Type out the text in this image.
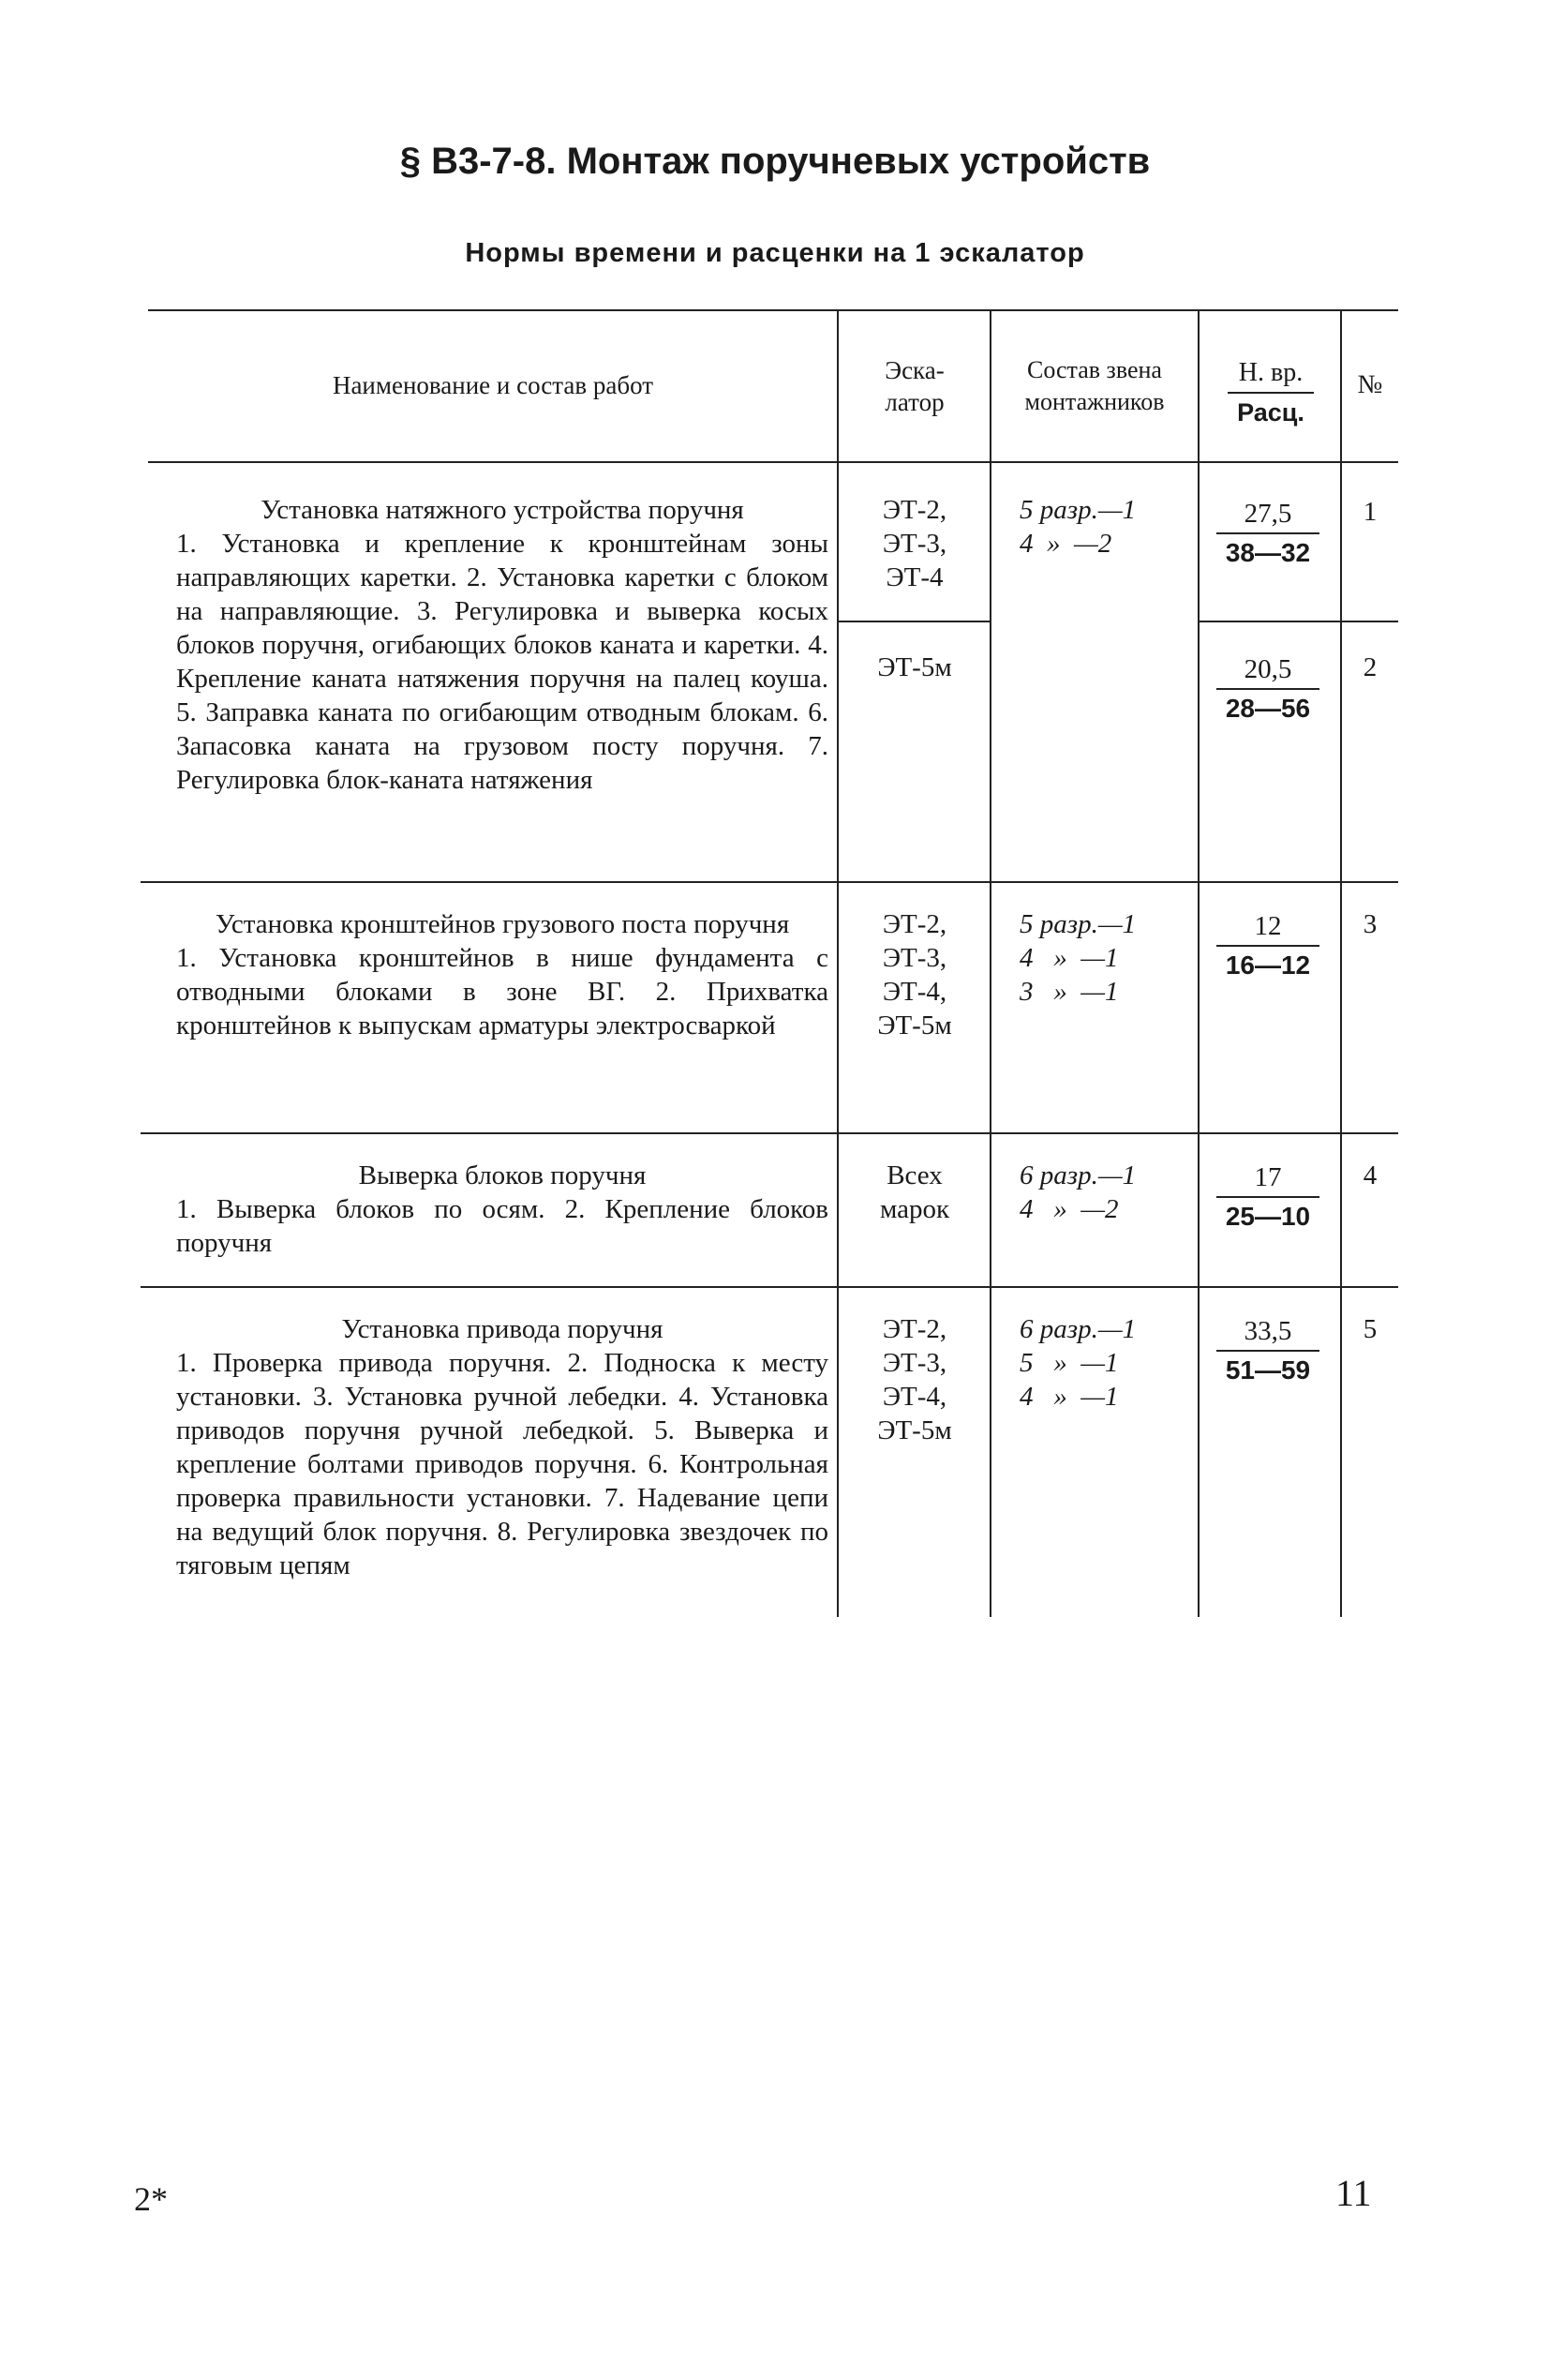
§ В3-7-8. Монтаж поручневых устройств
Нормы времени и расценки на 1 эскалатор
Наименование и состав работ
Эска-
латор
Состав звена
монтажников
Н. вр.
Расц.
№
Установка натяжного устройства поручня
1. Установка и крепление к кронштейнам зоны направляющих каретки. 2. Установка каретки с блоком на направляющие. 3. Регулировка и выверка косых блоков поручня, огибающих блоков каната и каретки. 4. Крепление каната натяжения поручня на палец коуша. 5. Заправка каната по огибающим отводным блокам. 6. Запасовка каната на грузовом посту поручня. 7. Регулировка блок-каната натяжения
ЭТ-2,
ЭТ-3,
ЭТ-4
5 разр.—1
4  »  —2
27,5
38—32
1
ЭТ-5м	20,5
28—56
2
Установка кронштейнов грузового поста поручня
1. Установка кронштейнов в нише фундамента с отводными блоками в зоне ВГ. 2. Прихватка кронштейнов к выпускам арматуры электросваркой
ЭТ-2,
ЭТ-3,
ЭТ-4,
ЭТ-5м
5 разр.—1
4   »  —1
3   »  —1
12
16—12
3
Выверка блоков поручня
1. Выверка блоков по осям. 2. Крепление блоков поручня
Всех
марок
6 разр.—1
4   »  —2
17
25—10
4
Установка привода поручня
1. Проверка привода поручня. 2. Подноска к месту установки. 3. Установка ручной лебедки. 4. Установка приводов поручня ручной лебедкой. 5. Выверка и крепление болтами приводов поручня. 6. Контрольная проверка правильности установки. 7. Надевание цепи на ведущий блок поручня. 8. Регулировка звездочек по тяговым цепям
ЭТ-2,
ЭТ-3,
ЭТ-4,
ЭТ-5м
6 разр.—1
5   »  —1
4   »  —1
33,5
51—59
5
2*	11
